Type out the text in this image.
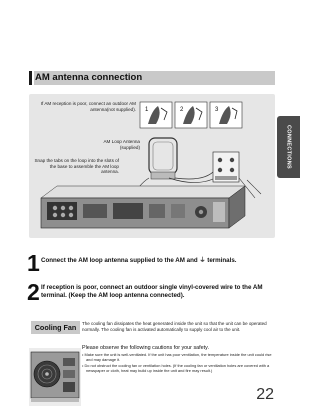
AM antenna connection
CONNECTIONS
1	2	3
If AM reception is poor, connect an outdoor AM antenna(not supplied).
AM Loop Antenna (supplied)
Snap the tabs on the loop into the slots of the base to assemble the AM loop antenna.
1 Connect the AM loop antenna supplied to the AM and ⏚ terminals.
2 If reception is poor, connect an outdoor single vinyl-covered wire to the AM terminal. (Keep the AM loop antenna connected).
Cooling Fan	The cooling fan dissipates the heat generated inside the unit so that the unit can be operated normally. The cooling fan is activated automatically to supply cool air to the unit.
Please observe the following cautions for your safety.
• Make sure the unit is well-ventilated. If the unit has poor ventilation, the temperature inside the unit could rise and may damage it.
• Do not obstruct the cooling fan or ventilation holes. (If the cooling fan or ventilation holes are covered with a newspaper or cloth, heat may build up inside the unit and fire may result.)
22
